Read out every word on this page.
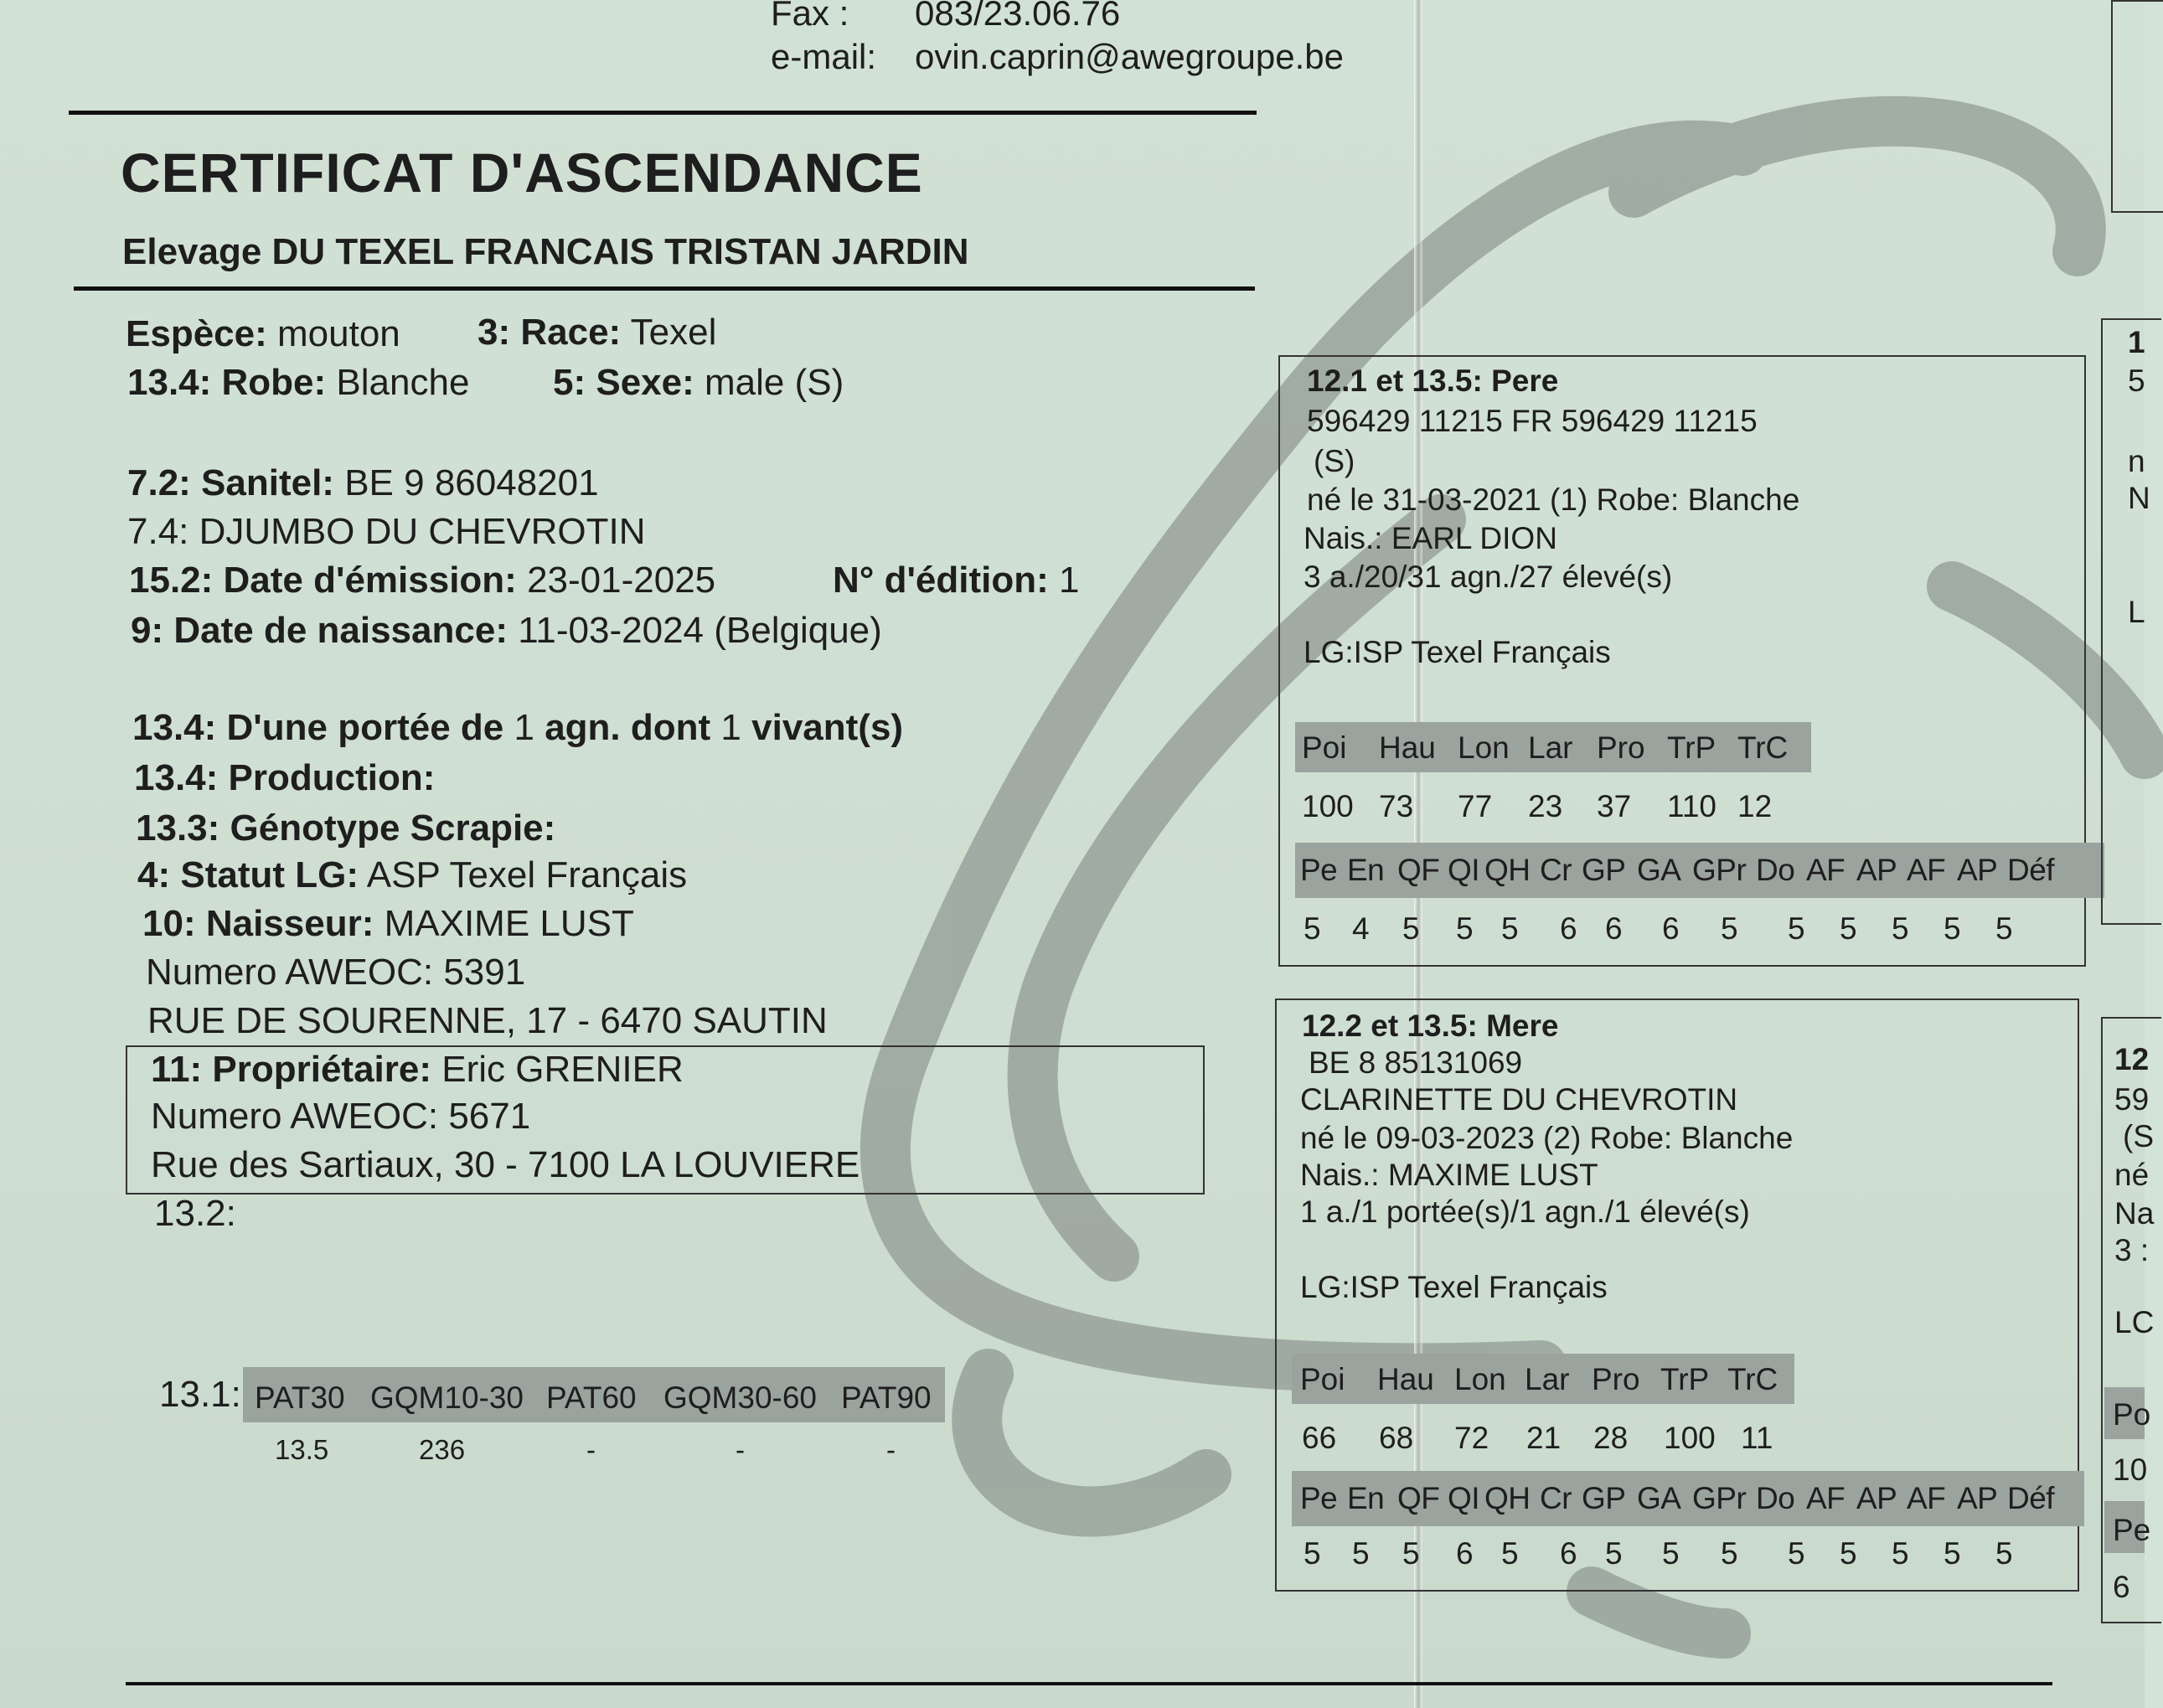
Fax : 083/23.06.76
e-mail: ovin.caprin@awegroupe.be
CERTIFICAT D'ASCENDANCE
Elevage DU TEXEL FRANCAIS TRISTAN JARDIN
Espèce: mouton 3: Race: Texel
13.4: Robe: Blanche 5: Sexe: male (S)
7.2: Sanitel: BE 9 86048201
7.4: DJUMBO DU CHEVROTIN
15.2: Date d'émission: 23-01-2025	N° d'édition: 1
9: Date de naissance: 11-03-2024 (Belgique)
13.4: D'une portée de 1 agn. dont 1 vivant(s)
13.4: Production:
13.3: Génotype Scrapie:
4: Statut LG: ASP Texel Français
10: Naisseur: MAXIME LUST
Numero AWEOC: 5391
RUE DE SOURENNE, 17 - 6470 SAUTIN
11: Propriétaire: Eric GRENIER
Numero AWEOC: 5671
Rue des Sartiaux, 30 - 7100 LA LOUVIERE
13.2:
13.1: PAT30 GQM10-30 PAT60 GQM30-60 PAT90
13.5	236	-	-	-
12.1 et 13.5: Pere
596429 11215 FR 596429 11215
(S)
né le 31-03-2021 (1) Robe: Blanche
Nais.: EARL DION
3 a./20/31 agn./27 élevé(s)
LG:ISP Texel Français
Poi	Hau Lon Lar Pro TrP TrC
100 73	77	23	37	110 12
Pe En QF QI QH Cr GP GA GPr Do AF AP AF AP Déf
5	4	5	5 5	6 6	6	5	5	5	5	5	5
12.2 et 13.5: Mere
BE 8 85131069
CLARINETTE DU CHEVROTIN
né le 09-03-2023 (2) Robe: Blanche
Nais.: MAXIME LUST
1 a./1 portée(s)/1 agn./1 élevé(s)
LG:ISP Texel Français
Poi	Hau Lon Lar Pro TrP TrC
66	68	72	21	28	100 11
Pe En QF QI QH Cr GP GA GPr Do AF AP AF AP Déf
5	5	5	6 5	6 5	5	5	5	5	5	5	5
1
5
n
N
L
12
59
(S
né
Na
3 :
LC
Po
10
Pe
6
